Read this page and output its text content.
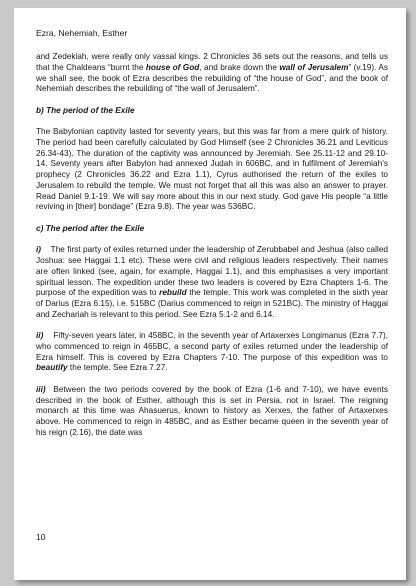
Ezra, Nehemiah, Esther

and Zedekiah, were really only vassal kings. 2 Chronicles 36 sets out the reasons, and tells us that the Chaldeans “burnt the house of God, and brake down the wall of Jerusalem” (v.19). As we shall see, the book of Ezra describes the rebuilding of “the house of God”, and the book of Nehemiah describes the rebuilding of “the wall of Jerusalem”.

b) The period of the Exile

The Babylonian captivity lasted for seventy years, but this was far from a mere quirk of history. The period had been carefully calculated by God Himself (see 2 Chronicles 36.21 and Leviticus 26.34-43). The duration of the captivity was announced by Jeremiah. See 25.11-12 and 29.10-14. Seventy years after Babylon had annexed Judah in 606BC, and in fulfilment of Jeremiah’s prophecy (2 Chronicles 36.22 and Ezra 1.1), Cyrus authorised the return of the exiles to Jerusalem to rebuild the temple. We must not forget that all this was also an answer to prayer. Read Daniel 9.1-19. We will say more about this in our next study. God gave His people “a little reviving in [their] bondage” (Ezra 9.8). The year was 536BC.

c) The period after the Exile

i)    The first party of exiles returned under the leadership of Zerubbabel and Jeshua (also called Joshua: see Haggai 1.1 etc). These were civil and religious leaders respectively. Their names are often linked (see, again, for example, Haggai 1.1), and this emphasises a very important spiritual lesson. The expedition under these two leaders is covered by Ezra Chapters 1-6. The purpose of the expedition was to rebuild the temple. This work was completed in the sixth year of Darius (Ezra 6.15), i.e. 515BC (Darius commenced to reign in 521BC). The ministry of Haggai and Zechariah is relevant to this period. See Ezra 5.1-2 and 6.14.

ii)    Fifty-seven years later, in 458BC, in the seventh year of Artaxerxes Longimanus (Ezra 7.7), who commenced to reign in 465BC, a second party of exiles returned under the leadership of Ezra himself. This is covered by Ezra Chapters 7-10. The purpose of this expedition was to beautify the temple. See Ezra 7.27.

iii)  Between the two periods covered by the book of Ezra (1-6 and 7-10), we have events described in the book of Esther, although this is set in Persia, not in Israel. The reigning monarch at this time was Ahasuerus, known to history as Xerxes, the father of Artaxerxes above. He commenced to reign in 485BC, and as Esther became queen in the seventh year of his reign (2.16), the date was

10
